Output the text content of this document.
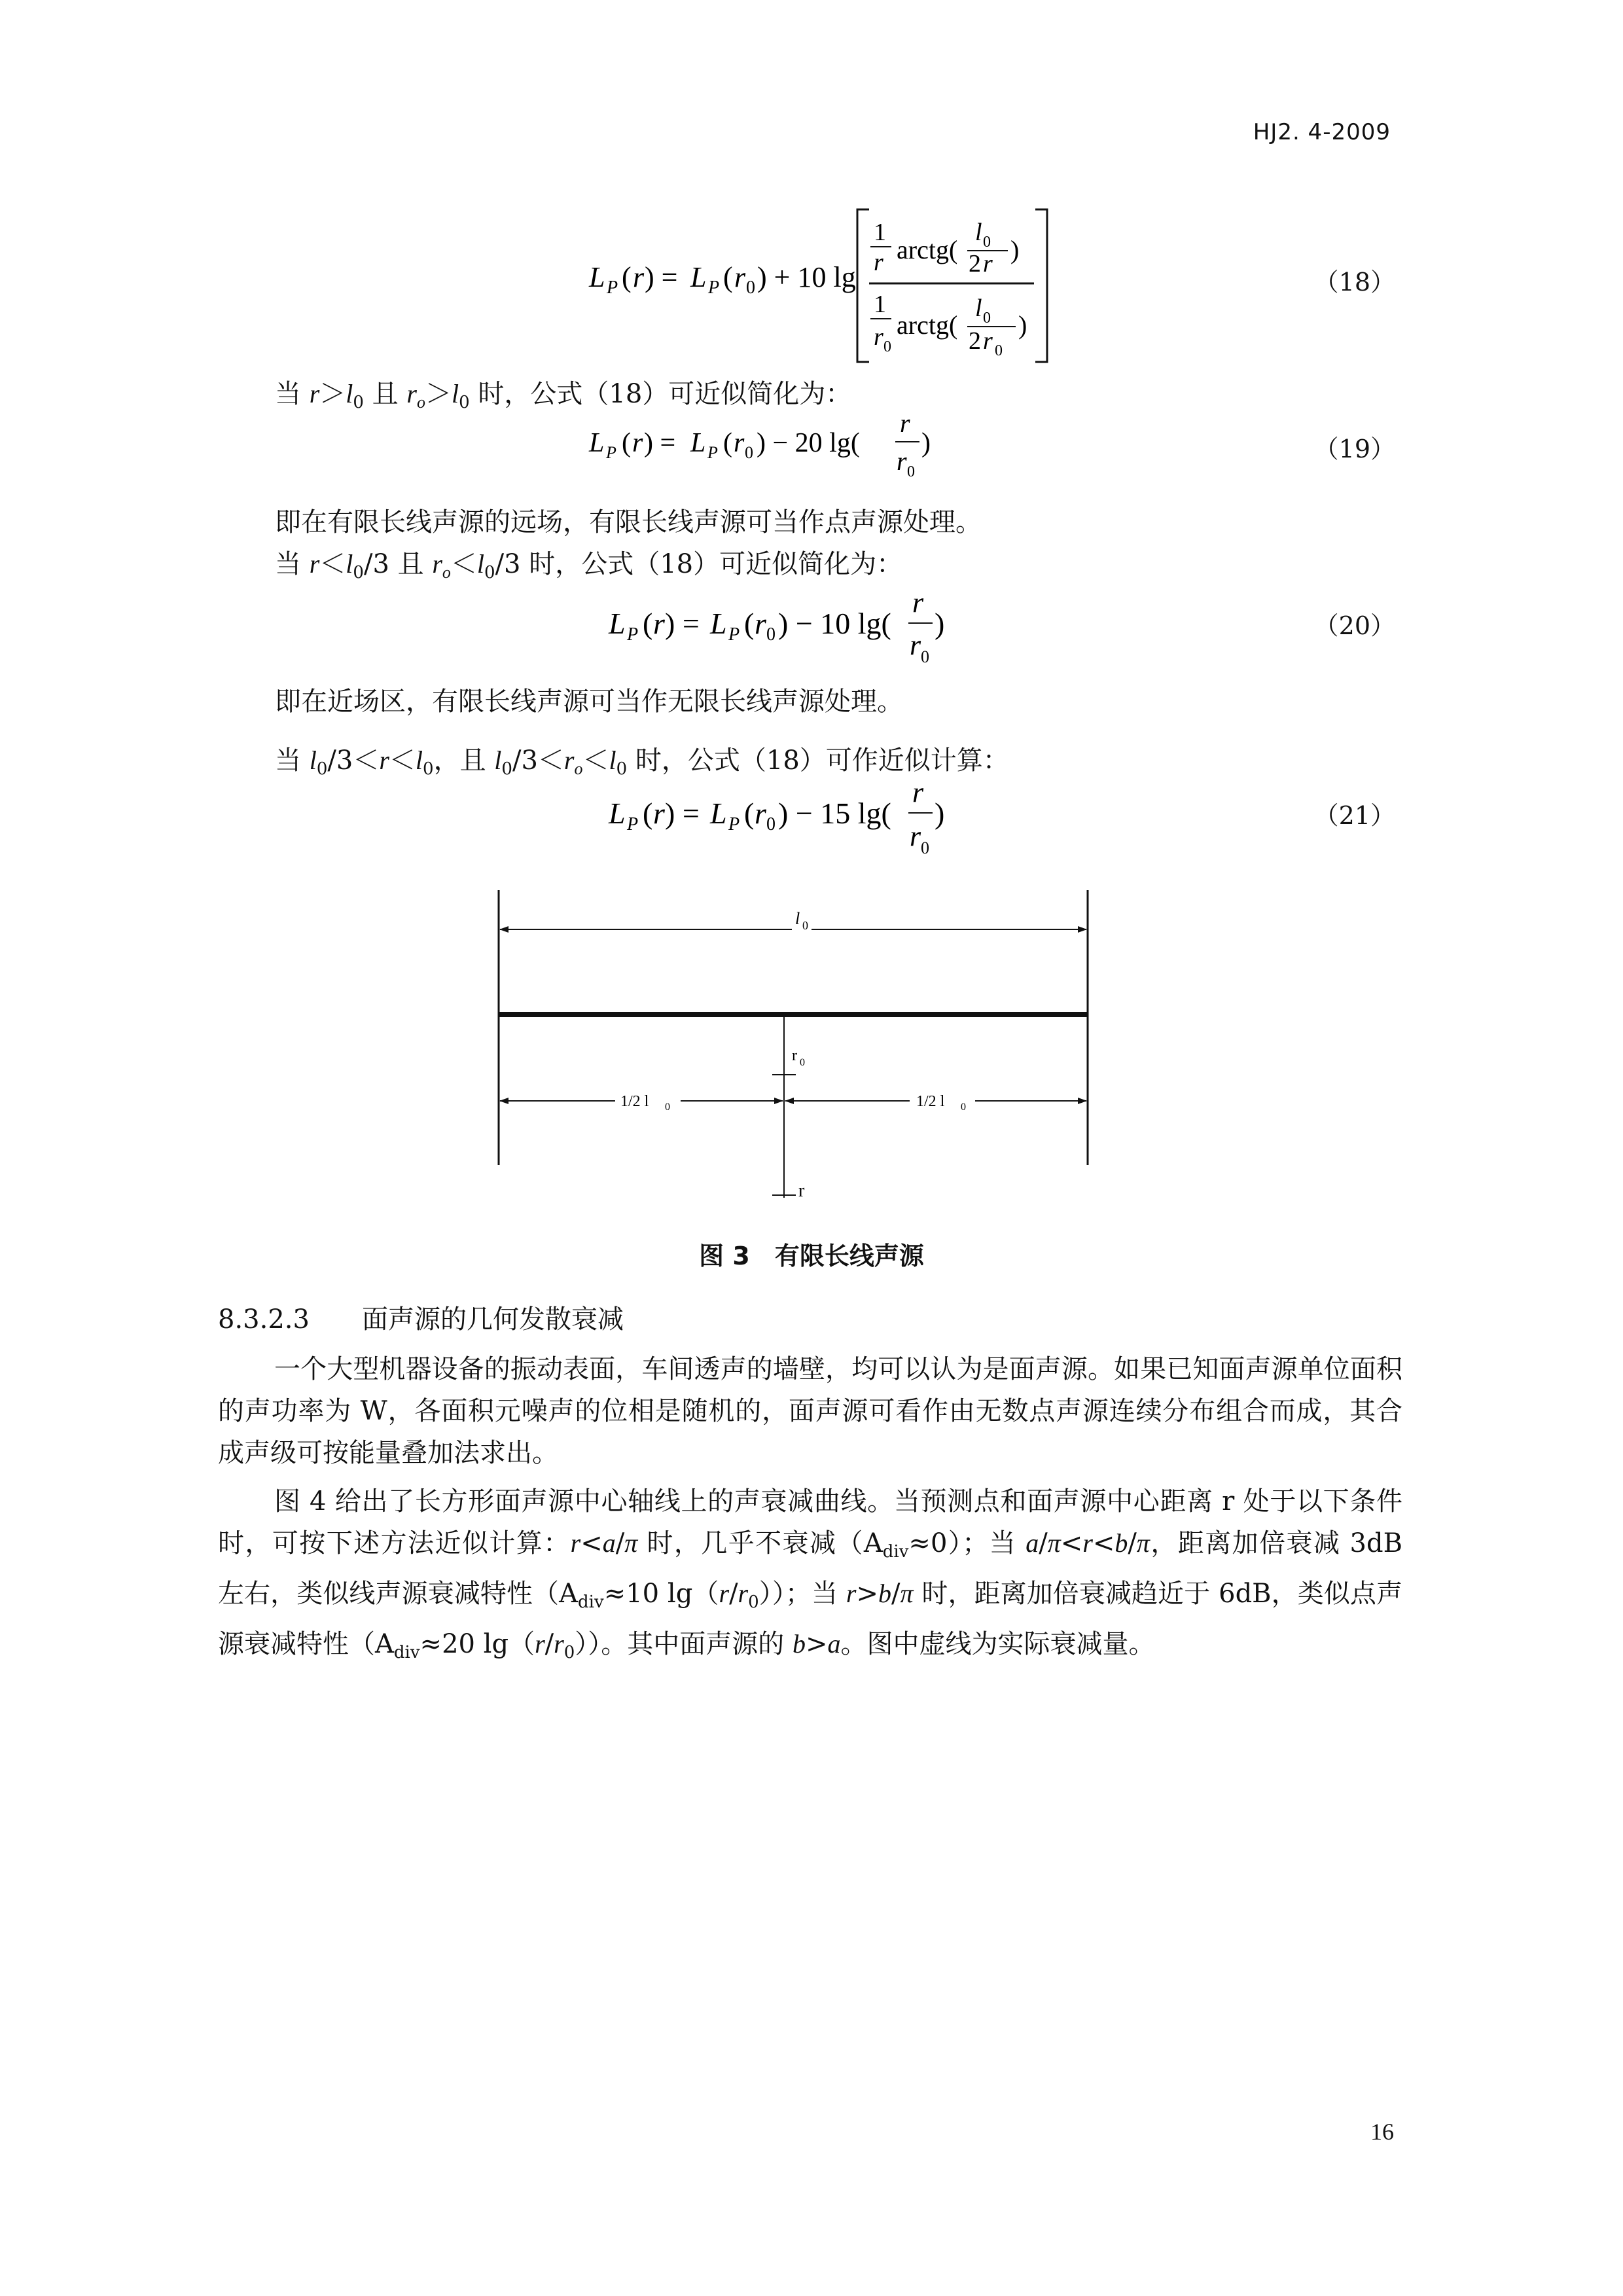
HJ2. 4-2009
L P ( r ) = L P ( r 0 ) + 10 lg
1
r arctg(
l 0
2 r )
1
r 0
arctg(
l 0
2 r 0
)
（18）
当 $r>l_0$ 且 $r_o>l_0$ 时，公式（18）可近似简化为：
L P ( r ) = L P ( r 0 ) − 20 lg(
r
r 0
)	（19）
即在有限长线声源的远场，有限长线声源可当作点声源处理。
当 $r<l_0/3$ 且 $r_o<l_0/3$ 时，公式（18）可近似简化为：
L P ( r ) = L P ( r 0 ) − 10 lg(
r
r 0
)	（20）
即在近场区，有限长线声源可当作无限长线声源处理。
当 $l_0/3<r<l_0$，且 $l_0/3<r_o<l_0$ 时，公式（18）可作近似计算：
L P ( r ) = L P ( r 0 ) − 15 lg(
r
r 0
)	（21）
l 0
r 0
r
1/2 l 0	1/2 l 0
图 3　有限长线声源
8.3.2.3　　 面声源的几何发散衰减
一个大型机器设备的振动表面，车间透声的墙壁，均可以认为是面声源。如果已知面声源单位面积的声功率为 W，各面积元噪声的位相是随机的，面声源可看作由无数点声源连续分布组合而成，其合成声级可按能量叠加法求出。
图 4 给出了长方形面声源中心轴线上的声衰减曲线。当预测点和面声源中心距离 r 处于以下条件时，可按下述方法近似计算：r<a/π 时，几乎不衰减$(A_{div}\approx 0)$；当 a/π<r<b/π，距离加倍衰减 3dB 左右，类似线声源衰减特性（$A_{div}\approx 10$ $\lg(r/r_0)$）；当 r>b/π 时，距离加倍衰减趋近于 6dB，类似点声源衰减特性（$A_{div}\approx 20$ $\lg(r/r_0)$）。其中面声源的 b>a。图中虚线为实际衰减量。
16
